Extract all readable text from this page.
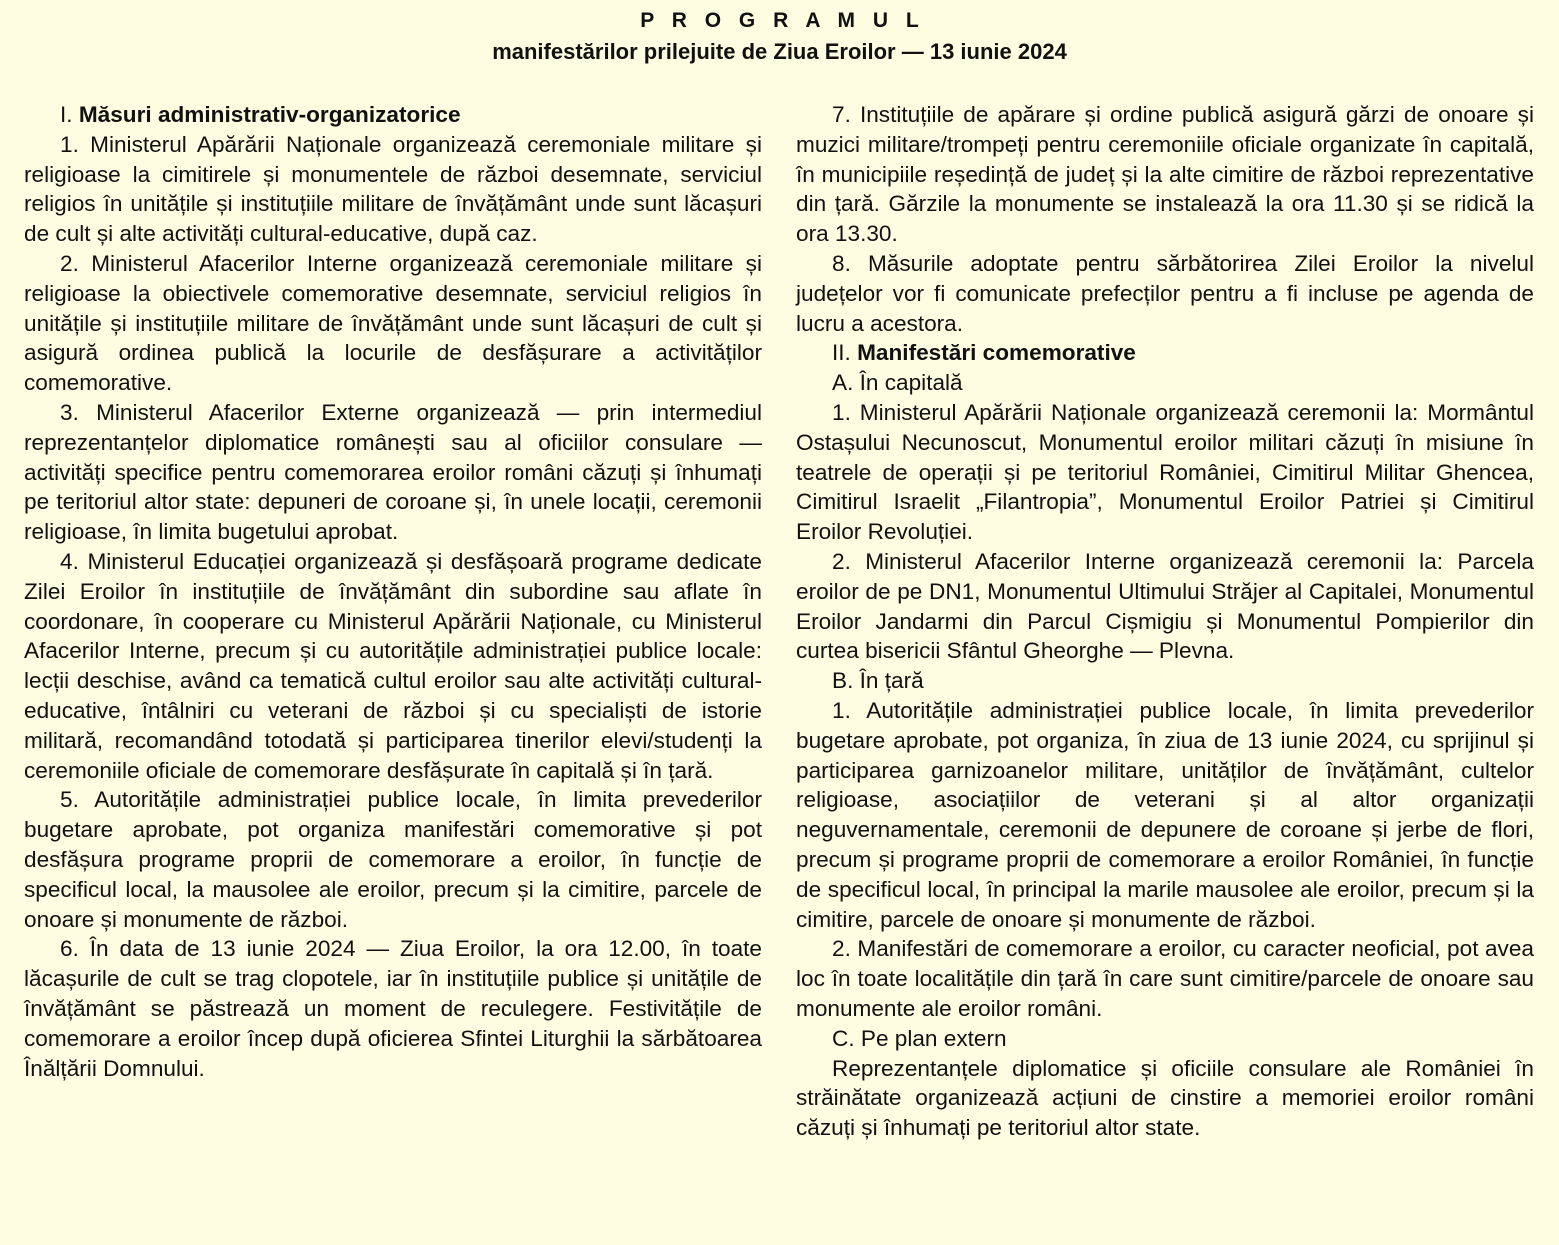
P R O G R A M U L
manifestărilor prilejuite de Ziua Eroilor — 13 iunie 2024

I. Măsuri administrativ-organizatorice

1. Ministerul Apărării Naționale organizează ceremoniale militare și religioase la cimitirele și monumentele de război desemnate, serviciul religios în unitățile și instituțiile militare de învățământ unde sunt lăcașuri de cult și alte activități cultural-educative, după caz.

2. Ministerul Afacerilor Interne organizează ceremoniale militare și religioase la obiectivele comemorative desemnate, serviciul religios în unitățile și instituțiile militare de învățământ unde sunt lăcașuri de cult și asigură ordinea publică la locurile de desfășurare a activităților comemorative.

3. Ministerul Afacerilor Externe organizează — prin intermediul reprezentanțelor diplomatice românești sau al oficiilor consulare — activități specifice pentru comemorarea eroilor români căzuți și înhumați pe teritoriul altor state: depuneri de coroane și, în unele locații, ceremonii religioase, în limita bugetului aprobat.

4. Ministerul Educației organizează și desfășoară programe dedicate Zilei Eroilor în instituțiile de învățământ din subordine sau aflate în coordonare, în cooperare cu Ministerul Apărării Naționale, cu Ministerul Afacerilor Interne, precum și cu autoritățile administrației publice locale: lecții deschise, având ca tematică cultul eroilor sau alte activități cultural-educative, întâlniri cu veterani de război și cu specialiști de istorie militară, recomandând totodată și participarea tinerilor elevi/studenți la ceremoniile oficiale de comemorare desfășurate în capitală și în țară.

5. Autoritățile administrației publice locale, în limita prevederilor bugetare aprobate, pot organiza manifestări comemorative și pot desfășura programe proprii de comemorare a eroilor, în funcție de specificul local, la mausolee ale eroilor, precum și la cimitire, parcele de onoare și monumente de război.

6. În data de 13 iunie 2024 — Ziua Eroilor, la ora 12.00, în toate lăcașurile de cult se trag clopotele, iar în instituțiile publice și unitățile de învățământ se păstrează un moment de reculegere. Festivitățile de comemorare a eroilor încep după oficierea Sfintei Liturghii la sărbătoarea Înălțării Domnului.

7. Instituțiile de apărare și ordine publică asigură gărzi de onoare și muzici militare/trompeți pentru ceremoniile oficiale organizate în capitală, în municipiile reședință de județ și la alte cimitire de război reprezentative din țară. Gărzile la monumente se instalează la ora 11.30 și se ridică la ora 13.30.

8. Măsurile adoptate pentru sărbătorirea Zilei Eroilor la nivelul județelor vor fi comunicate prefecților pentru a fi incluse pe agenda de lucru a acestora.

II. Manifestări comemorative

A. În capitală

1. Ministerul Apărării Naționale organizează ceremonii la: Mormântul Ostașului Necunoscut, Monumentul eroilor militari căzuți în misiune în teatrele de operații și pe teritoriul României, Cimitirul Militar Ghencea, Cimitirul Israelit „Filantropia”, Monumentul Eroilor Patriei și Cimitirul Eroilor Revoluției.

2. Ministerul Afacerilor Interne organizează ceremonii la: Parcela eroilor de pe DN1, Monumentul Ultimului Străjer al Capitalei, Monumentul Eroilor Jandarmi din Parcul Cișmigiu și Monumentul Pompierilor din curtea bisericii Sfântul Gheorghe — Plevna.

B. În țară

1. Autoritățile administrației publice locale, în limita prevederilor bugetare aprobate, pot organiza, în ziua de 13 iunie 2024, cu sprijinul și participarea garnizoanelor militare, unităților de învățământ, cultelor religioase, asociațiilor de veterani și al altor organizații neguvernamentale, ceremonii de depunere de coroane și jerbe de flori, precum și programe proprii de comemorare a eroilor României, în funcție de specificul local, în principal la marile mausolee ale eroilor, precum și la cimitire, parcele de onoare și monumente de război.

2. Manifestări de comemorare a eroilor, cu caracter neoficial, pot avea loc în toate localitățile din țară în care sunt cimitire/parcele de onoare sau monumente ale eroilor români.

C. Pe plan extern

Reprezentanțele diplomatice și oficiile consulare ale României în străinătate organizează acțiuni de cinstire a memoriei eroilor români căzuți și înhumați pe teritoriul altor state.
